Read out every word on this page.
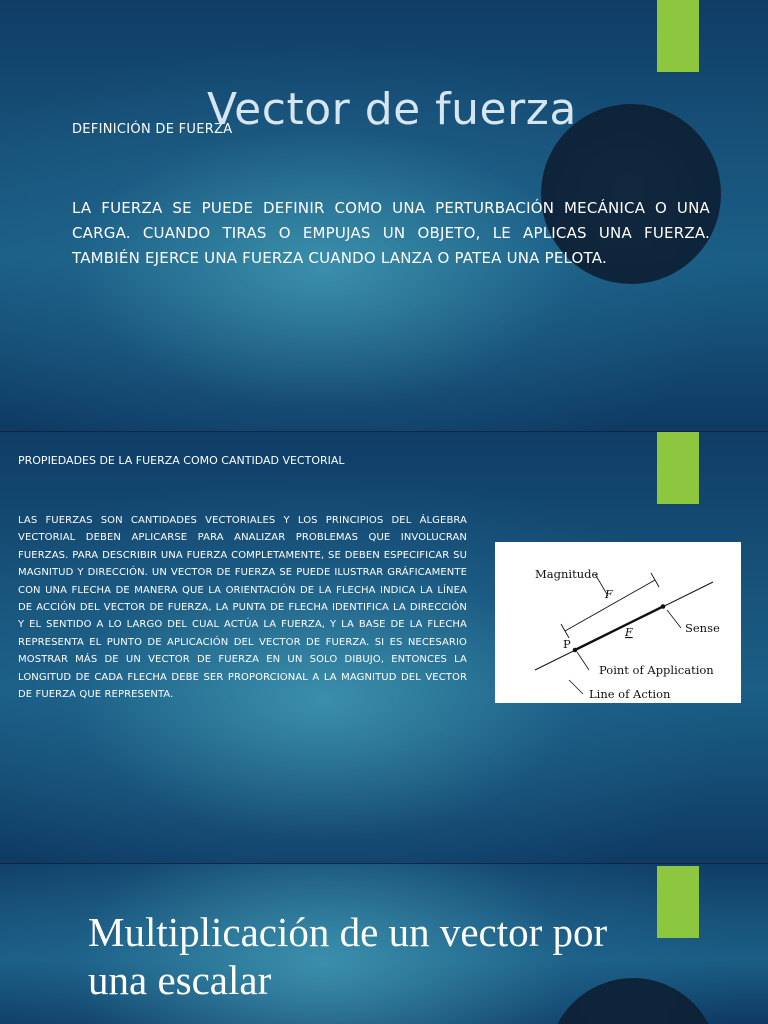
DEFINICIÓN DE FUERZA

Vector de fuerza

LA FUERZA SE PUEDE DEFINIR COMO UNA PERTURBACIÓN MECÁNICA O UNA CARGA. CUANDO TIRAS O EMPUJAS UN OBJETO, LE APLICAS UNA FUERZA. TAMBIÉN EJERCE UNA FUERZA CUANDO LANZA O PATEA UNA PELOTA.

PROPIEDADES DE LA FUERZA COMO CANTIDAD VECTORIAL

LAS FUERZAS SON CANTIDADES VECTORIALES Y LOS PRINCIPIOS DEL ÁLGEBRA VECTORIAL DEBEN APLICARSE PARA ANALIZAR PROBLEMAS QUE INVOLUCRAN FUERZAS. PARA DESCRIBIR UNA FUERZA COMPLETAMENTE, SE DEBEN ESPECIFICAR SU MAGNITUD Y DIRECCIÓN. UN VECTOR DE FUERZA SE PUEDE ILUSTRAR GRÁFICAMENTE CON UNA FLECHA DE MANERA QUE LA ORIENTACIÓN DE LA FLECHA INDICA LA LÍNEA DE ACCIÓN DEL VECTOR DE FUERZA, LA PUNTA DE FLECHA IDENTIFICA LA DIRECCIÓN Y EL SENTIDO A LO LARGO DEL CUAL ACTÚA LA FUERZA, Y LA BASE DE LA FLECHA REPRESENTA EL PUNTO DE APLICACIÓN DEL VECTOR DE FUERZA. SI ES NECESARIO MOSTRAR MÁS DE UN VECTOR DE FUERZA EN UN SOLO DIBUJO, ENTONCES LA LONGITUD DE CADA FLECHA DEBE SER PROPORCIONAL A LA MAGNITUD DEL VECTOR DE FUERZA QUE REPRESENTA.

Magnitude
F
F	Sense
P
Point of Application
Line of Action
Multiplicación de un vector por una escalar
